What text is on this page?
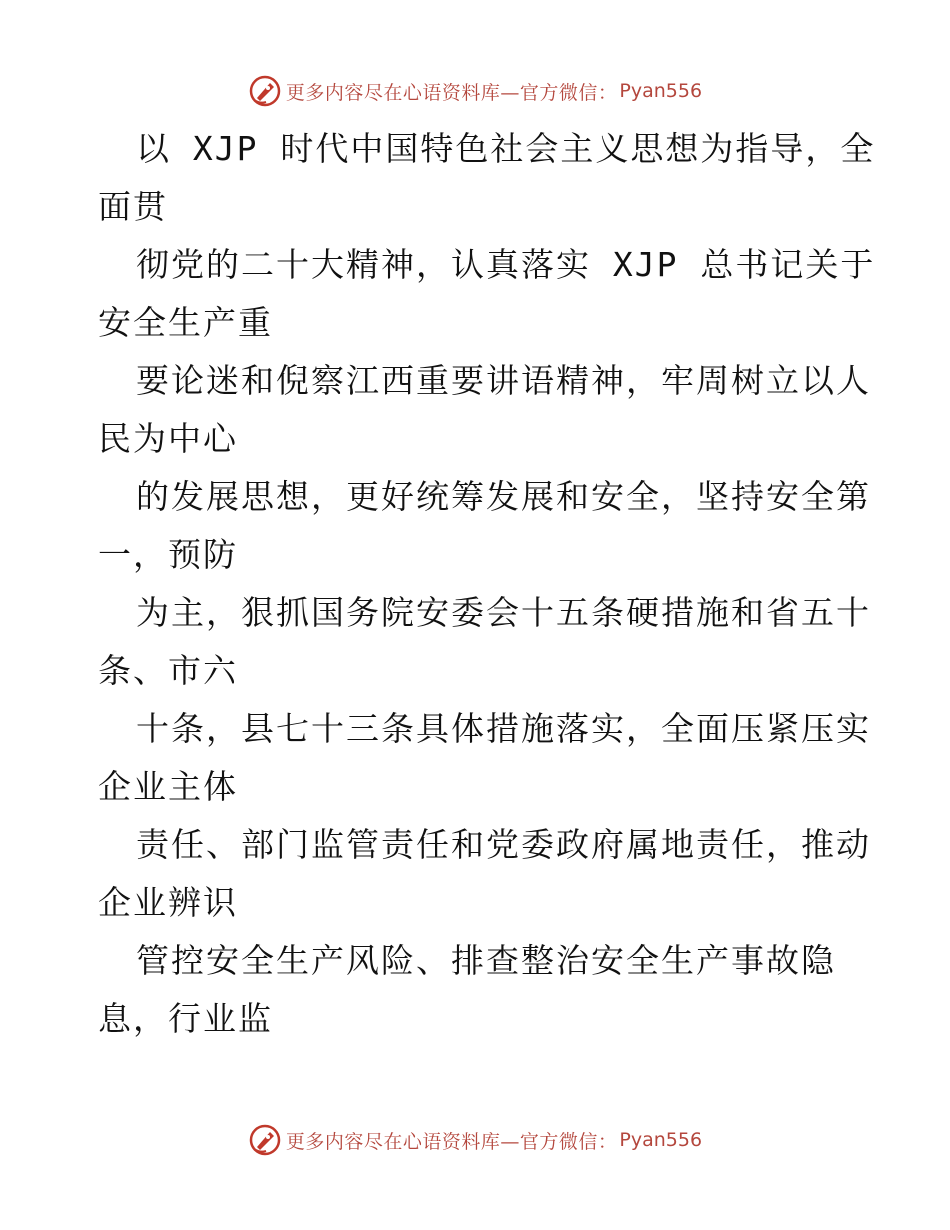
更多内容尽在心语资料库—官方微信： Pyan556
以 XJP 时代中国特色社会主义思想为指导，全
面贯
彻党的二十大精神，认真落实 XJP 总书记关于
安全生产重
要论迷和倪察江西重要讲语精神，牢周树立以人
民为中心
的发展思想，更好统筹发展和安全，坚持安全第
一，预防
为主，狠抓国务院安委会十五条硬措施和省五十
条、市六
十条，县七十三条具体措施落实，全面压紧压实
企业主体
责任、部门监管责任和党委政府属地责任，推动
企业辨识
管控安全生产风险、排查整治安全生产事故隐
息，行业监
更多内容尽在心语资料库—官方微信： Pyan556
